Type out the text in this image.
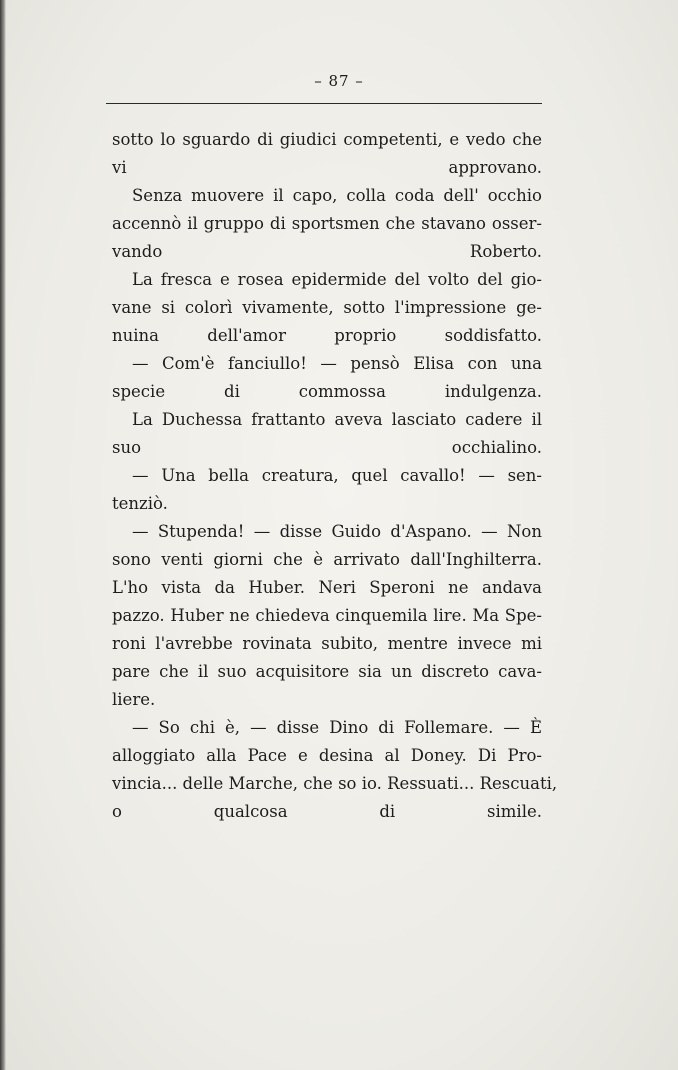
– 87 –
sotto lo sguardo di giudici competenti, e vedo che
vi approvano.
Senza muovere il capo, colla coda dell' occhio
accennò il gruppo di sportsmen che stavano osser-
vando Roberto.
La fresca e rosea epidermide del volto del gio-
vane si colorì vivamente, sotto l'impressione ge-
nuina dell'amor proprio soddisfatto.
— Com'è fanciullo! — pensò Elisa con una
specie di commossa indulgenza.
La Duchessa frattanto aveva lasciato cadere il
suo occhialino.
— Una bella creatura, quel cavallo! — sen-
tenziò.
— Stupenda! — disse Guido d'Aspano. — Non
sono venti giorni che è arrivato dall'Inghilterra.
L'ho vista da Huber. Neri Speroni ne andava
pazzo. Huber ne chiedeva cinquemila lire. Ma Spe-
roni l'avrebbe rovinata subito, mentre invece mi
pare che il suo acquisitore sia un discreto cava-
liere.
— So chi è, — disse Dino di Follemare. — È
alloggiato alla Pace e desina al Doney. Di Pro-
vincia... delle Marche, che so io. Ressuati... Rescuati,
o qualcosa di simile.
